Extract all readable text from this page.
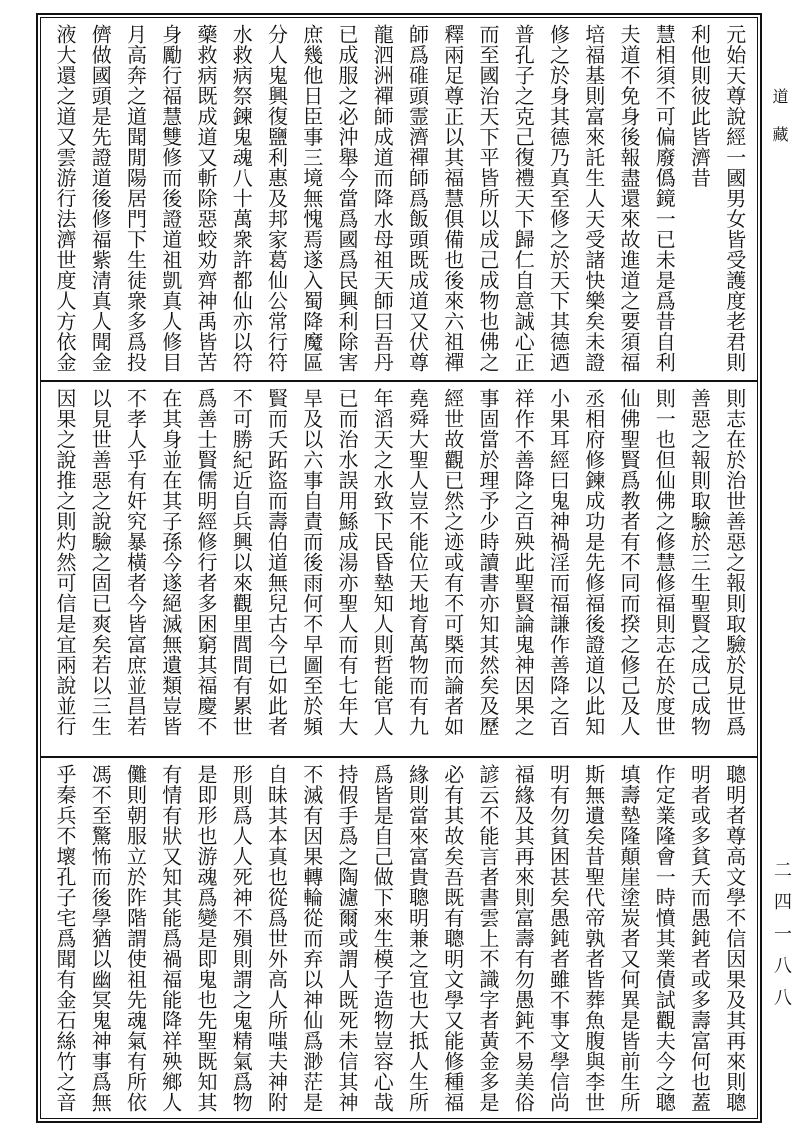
元始天尊說經一國男女皆受護度老君則
利他則彼此皆濟昔
慧相須不可偏廢僞鏡一已未是爲昔自利
夫道不免身後報盡還來故進道之要須福
培福基則富來託生人天受諸快樂矣未證
修之於身其德乃真至修之於天下其德迺
普孔子之克己復禮天下歸仁自意誠心正
而至國治天下平皆所以成己成物也佛之
釋兩足尊正以其福慧俱備也後來六祖禪
師爲碓頭霊濟禪師爲飯頭既成道又伏尊
龍泗洲禪師成道而降水母祖天師曰吾丹
已成服之必沖舉今當爲國爲民興利除害
庶幾他日臣事三境無愧焉遂入蜀降魔區
分人鬼興復鹽利惠及邦家葛仙公常行符
水救病祭鍊鬼魂八十萬衆許都仙亦以符
藥救病既成道又斬除惡蛟劝齊神禹皆苦
身勵行福慧雙修而後證道祖凱真人修目
月高奔之道聞閒陽居門下生徒衆多爲投
儕做國頭是先證道後修福紫清真人聞金
液大還之道又雲游行法濟世度人方依金
則志在於治世善惡之報則取驗於見世爲
善惡之報則取驗於三生聖賢之成己成物
則一也但仙佛之修慧修福則志在於度世
仙佛聖賢爲教者有不同而揆之修己及人
丞相府修鍊成功是先修福後證道以此知
小果耳經曰鬼神禍淫而福謙作善降之百
祥作不善降之百殃此聖賢論鬼神因果之
事固當於理予少時讀書亦知其然矣及歷
經世故觀已然之迹或有不可槩而論者如
堯舜大聖人豈不能位天地育萬物而有九
年滔天之水致下民昏墊知人則哲能官人
已而治水誤用鯀成湯亦聖人而有七年大
旱及以六事自責而後雨何不早圖至於頻
賢而夭跖盜而壽伯道無兒古今已如此者
不可勝紀近自兵興以來觀里閭間有累世
爲善士賢儒明經修行者多困窮其福慶不
在其身並在其子孫今遂絕滅無遺類豈皆
不孝人乎有奸究暴橫者今皆富庶並昌若
以見世善惡之說驗之固已爽矣若以三生
因果之說推之則灼然可信是宜兩說並行
聰明者尊高文學不信因果及其再來則聰
明者或多貧夭而愚鈍者或多壽富何也蓋
作定業隆會一時憤其業債試觀夫今之聰
填壽墊隆顛崖塗炭者又何異是皆前生所
斯無遺矣昔聖代帝孰者皆葬魚腹與李世
明有勿貧困甚矣愚鈍者雖不事文學信尚
福緣及其再來則富壽有勿愚鈍不易美俗
諺云不能言者書雲上不識字者黃金多是
必有其故矣吾既有聰明文學又能修種福
緣則當來富貴聰明兼之宜也大抵人生所
爲皆是自己做下來生模子造物豈容心哉
持假手爲之陶濾爾或謂人既死未信其神
不滅有因果轉輪從而弃以神仙爲渺茫是
自昧其本真也從爲世外高人所嗤夫神附
形則爲人人死神不殞則謂之鬼精氣爲物
是即形也游魂爲變是即鬼也先聖既知其
有情有狀又知其能爲禍福能降祥殃鄉人
儺則朝服立於阼階謂使祖先魂氣有所依
馮不至驚怖而後學猶以幽冥鬼神事爲無
乎秦兵不壞孔子宅爲聞有金石絲竹之音
道藏
二四一八八
